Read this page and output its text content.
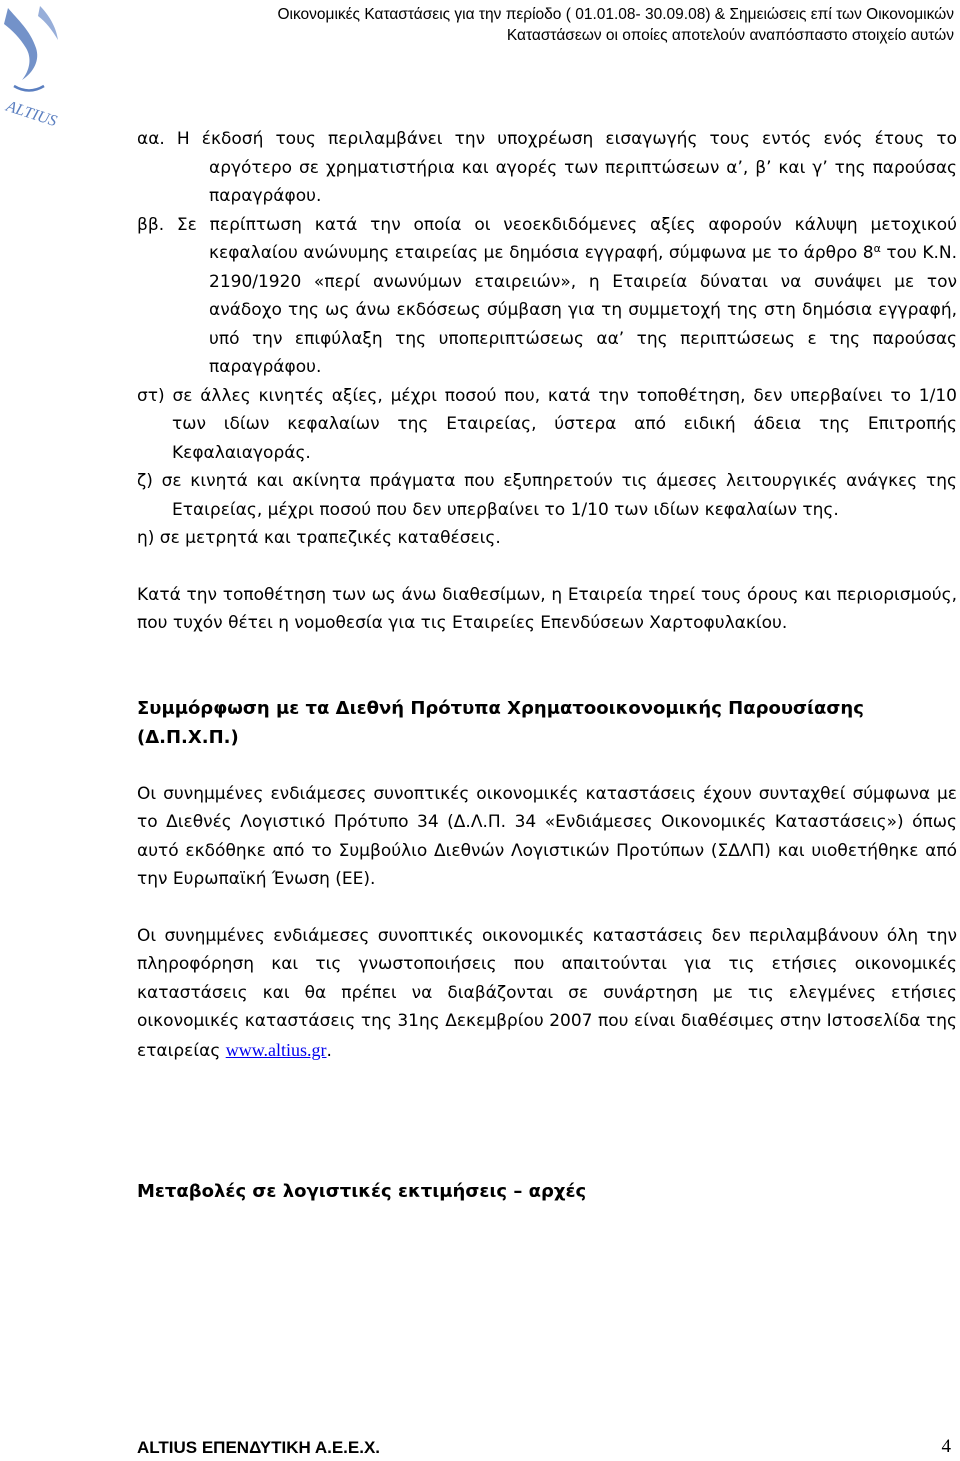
Οικονομικές Καταστάσεις για την περίοδο ( 01.01.08- 30.09.08) & Σημειώσεις επί των Οικονομικών
Καταστάσεων οι οποίες αποτελούν αναπόσπαστο στοιχείο αυτών
ALTIUS
αα. Η έκδοσή τους περιλαμβάνει την υποχρέωση εισαγωγής τους εντός ενός έτους το αργότερο σε χρηματιστήρια και αγορές των περιπτώσεων α’, β’ και γ’ της παρούσας παραγράφου.
ββ. Σε περίπτωση κατά την οποία οι νεοεκδιδόμενες αξίες αφορούν κάλυψη μετοχικού κεφαλαίου ανώνυμης εταιρείας με δημόσια εγγραφή, σύμφωνα με το άρθρο $8^\alpha$ του Κ.Ν. 2190/1920 «περί ανωνύμων εταιρειών», η Εταιρεία δύναται να συνάψει με τον ανάδοχο της ως άνω εκδόσεως σύμβαση για τη συμμετοχή της στη δημόσια εγγραφή, υπό την επιφύλαξη της υποπεριπτώσεως αα’ της περιπτώσεως ε της παρούσας παραγράφου.
στ) σε άλλες κινητές αξίες, μέχρι ποσού που, κατά την τοποθέτηση, δεν υπερβαίνει το 1/10 των ιδίων κεφαλαίων της Εταιρείας, ύστερα από ειδική άδεια της Επιτροπής Κεφαλαιαγοράς.
ζ) σε κινητά και ακίνητα πράγματα που εξυπηρετούν τις άμεσες λειτουργικές ανάγκες της Εταιρείας, μέχρι ποσού που δεν υπερβαίνει το 1/10 των ιδίων κεφαλαίων της.
η) σε μετρητά και τραπεζικές καταθέσεις.

Κατά την τοποθέτηση των ως άνω διαθεσίμων, η Εταιρεία τηρεί τους όρους και περιορισμούς, που τυχόν θέτει η νομοθεσία για τις Εταιρείες Επενδύσεων Χαρτοφυλακίου.

Συμμόρφωση με τα Διεθνή Πρότυπα Χρηματοοικονομικής Παρουσίασης (Δ.Π.Χ.Π.)

Οι συνημμένες ενδιάμεσες συνοπτικές οικονομικές καταστάσεις έχουν συνταχθεί σύμφωνα με το Διεθνές Λογιστικό Πρότυπο 34 (Δ.Λ.Π. 34 «Ενδιάμεσες Οικονομικές Καταστάσεις») όπως αυτό εκδόθηκε από το Συμβούλιο Διεθνών Λογιστικών Προτύπων (ΣΔΛΠ) και υιοθετήθηκε από την Ευρωπαϊκή Ένωση (ΕΕ).

Οι συνημμένες ενδιάμεσες συνοπτικές οικονομικές καταστάσεις δεν περιλαμβάνουν όλη την πληροφόρηση και τις γνωστοποιήσεις που απαιτούνται για τις ετήσιες οικονομικές καταστάσεις και θα πρέπει να διαβάζονται σε συνάρτηση με τις ελεγμένες ετήσιες οικονομικές καταστάσεις της 31ης Δεκεμβρίου 2007 που είναι διαθέσιμες στην Ιστοσελίδα της εταιρείας www.altius.gr.

Μεταβολές σε λογιστικές εκτιμήσεις – αρχές

ALTIUS ΕΠΕΝΔΥΤΙΚΗ Α.Ε.Ε.Χ.	4
